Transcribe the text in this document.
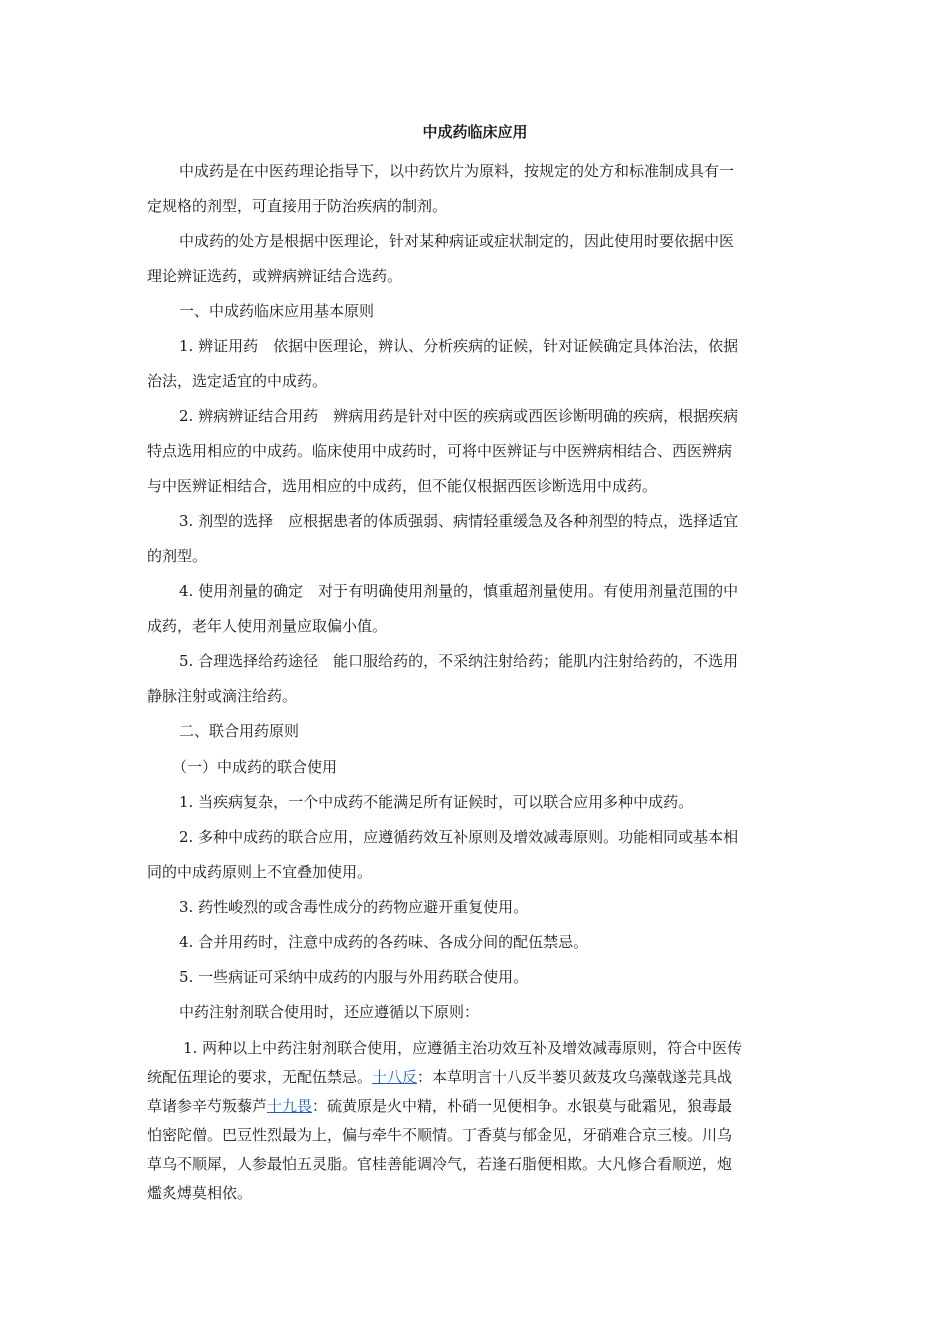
中成药临床应用
中成药是在中医药理论指导下，以中药饮片为原料，按规定的处方和标准制成具有一
定规格的剂型，可直接用于防治疾病的制剂。
中成药的处方是根据中医理论，针对某种病证或症状制定的，因此使用时要依据中医
理论辨证选药，或辨病辨证结合选药。
一、中成药临床应用基本原则
1. 辨证用药　依据中医理论，辨认、分析疾病的证候，针对证候确定具体治法，依据
治法，选定适宜的中成药。
2. 辨病辨证结合用药　辨病用药是针对中医的疾病或西医诊断明确的疾病，根据疾病
特点选用相应的中成药。临床使用中成药时，可将中医辨证与中医辨病相结合、西医辨病
与中医辨证相结合，选用相应的中成药，但不能仅根据西医诊断选用中成药。
3. 剂型的选择　应根据患者的体质强弱、病情轻重缓急及各种剂型的特点，选择适宜
的剂型。
4. 使用剂量的确定　对于有明确使用剂量的，慎重超剂量使用。有使用剂量范围的中
成药，老年人使用剂量应取偏小值。
5. 合理选择给药途径　能口服给药的，不采纳注射给药；能肌内注射给药的，不选用
静脉注射或滴注给药。
二、联合用药原则
（一）中成药的联合使用
1. 当疾病复杂，一个中成药不能满足所有证候时，可以联合应用多种中成药。
2. 多种中成药的联合应用，应遵循药效互补原则及增效减毒原则。功能相同或基本相
同的中成药原则上不宜叠加使用。
3. 药性峻烈的或含毒性成分的药物应避开重复使用。
4. 合并用药时，注意中成药的各药味、各成分间的配伍禁忌。
5. 一些病证可采纳中成药的内服与外用药联合使用。
中药注射剂联合使用时，还应遵循以下原则：
1. 两种以上中药注射剂联合使用，应遵循主治功效互补及增效减毒原则，符合中医传
统配伍理论的要求，无配伍禁忌。十八反：本草明言十八反半蒌贝蔹芨攻乌藻戟遂芫具战
草诸参辛芍叛藜芦十九畏：硫黄原是火中精，朴硝一见便相争。水银莫与砒霜见，狼毒最
怕密陀僧。巴豆性烈最为上，偏与牵牛不顺情。丁香莫与郁金见，牙硝难合京三棱。川乌
草乌不顺犀，人参最怕五灵脂。官桂善能调冷气，若逢石脂便相欺。大凡修合看顺逆，炮
爁炙煿莫相依。
